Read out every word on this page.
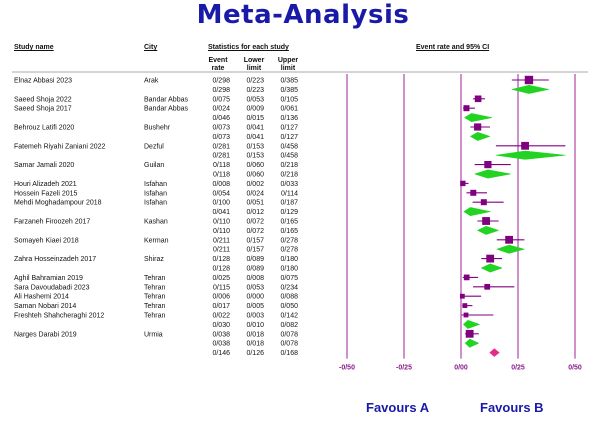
Meta-Analysis
Study name	City	Statistics for each study
Event rate
Lower limit
Upper limit
Event rate and 95% CI
-0/50	-0/25	0/00	0/25	0/50
Elnaz Abbasi 2023	Arak	0/298 0/223 0/385
0/298 0/223 0/385
Saeed Shoja 2022	Bandar Abbas	0/075 0/053 0/105
Saeed Shoja 2017	Bandar Abbas	0/024 0/009 0/061
0/046 0/015 0/136
Behrouz Latifi 2020	Bushehr	0/073 0/041 0/127
0/073 0/041 0/127
Fatemeh Riyahi Zaniani 2022	Dezful	0/281 0/153 0/458
0/281 0/153 0/458
Samar Jamali 2020	Guilan	0/118 0/060 0/218
0/118 0/060 0/218
Houri Alizadeh 2021	Isfahan	0/008 0/002 0/033
Hossein Fazeli 2015	Isfahan	0/054 0/024 0/114
Mehdi Moghadampour 2018	Isfahan	0/100 0/051 0/187
0/041 0/012 0/129
Farzaneh Firoozeh 2017	Kashan	0/110 0/072 0/165
0/110 0/072 0/165
Somayeh Kiaei 2018	Kerman	0/211 0/157 0/278
0/211 0/157 0/278
Zahra Hosseinzadeh 2017	Shiraz	0/128 0/089 0/180
0/128 0/089 0/180
Aghil Bahramian 2019	Tehran	0/025 0/008 0/075
Sara Davoudabadi 2023	Tehran	0/115 0/053 0/234
Ali Hashemi 2014	Tehran	0/006 0/000 0/088
Saman Nobari 2014	Tehran	0/017 0/005 0/050
Freshteh Shahcheraghi 2012	Tehran	0/022 0/003 0/142
0/030 0/010 0/082
Narges Darabi 2019	Urmia	0/038 0/018 0/078
0/038 0/018 0/078
0/146 0/126 0/168
Favours A	Favours B
